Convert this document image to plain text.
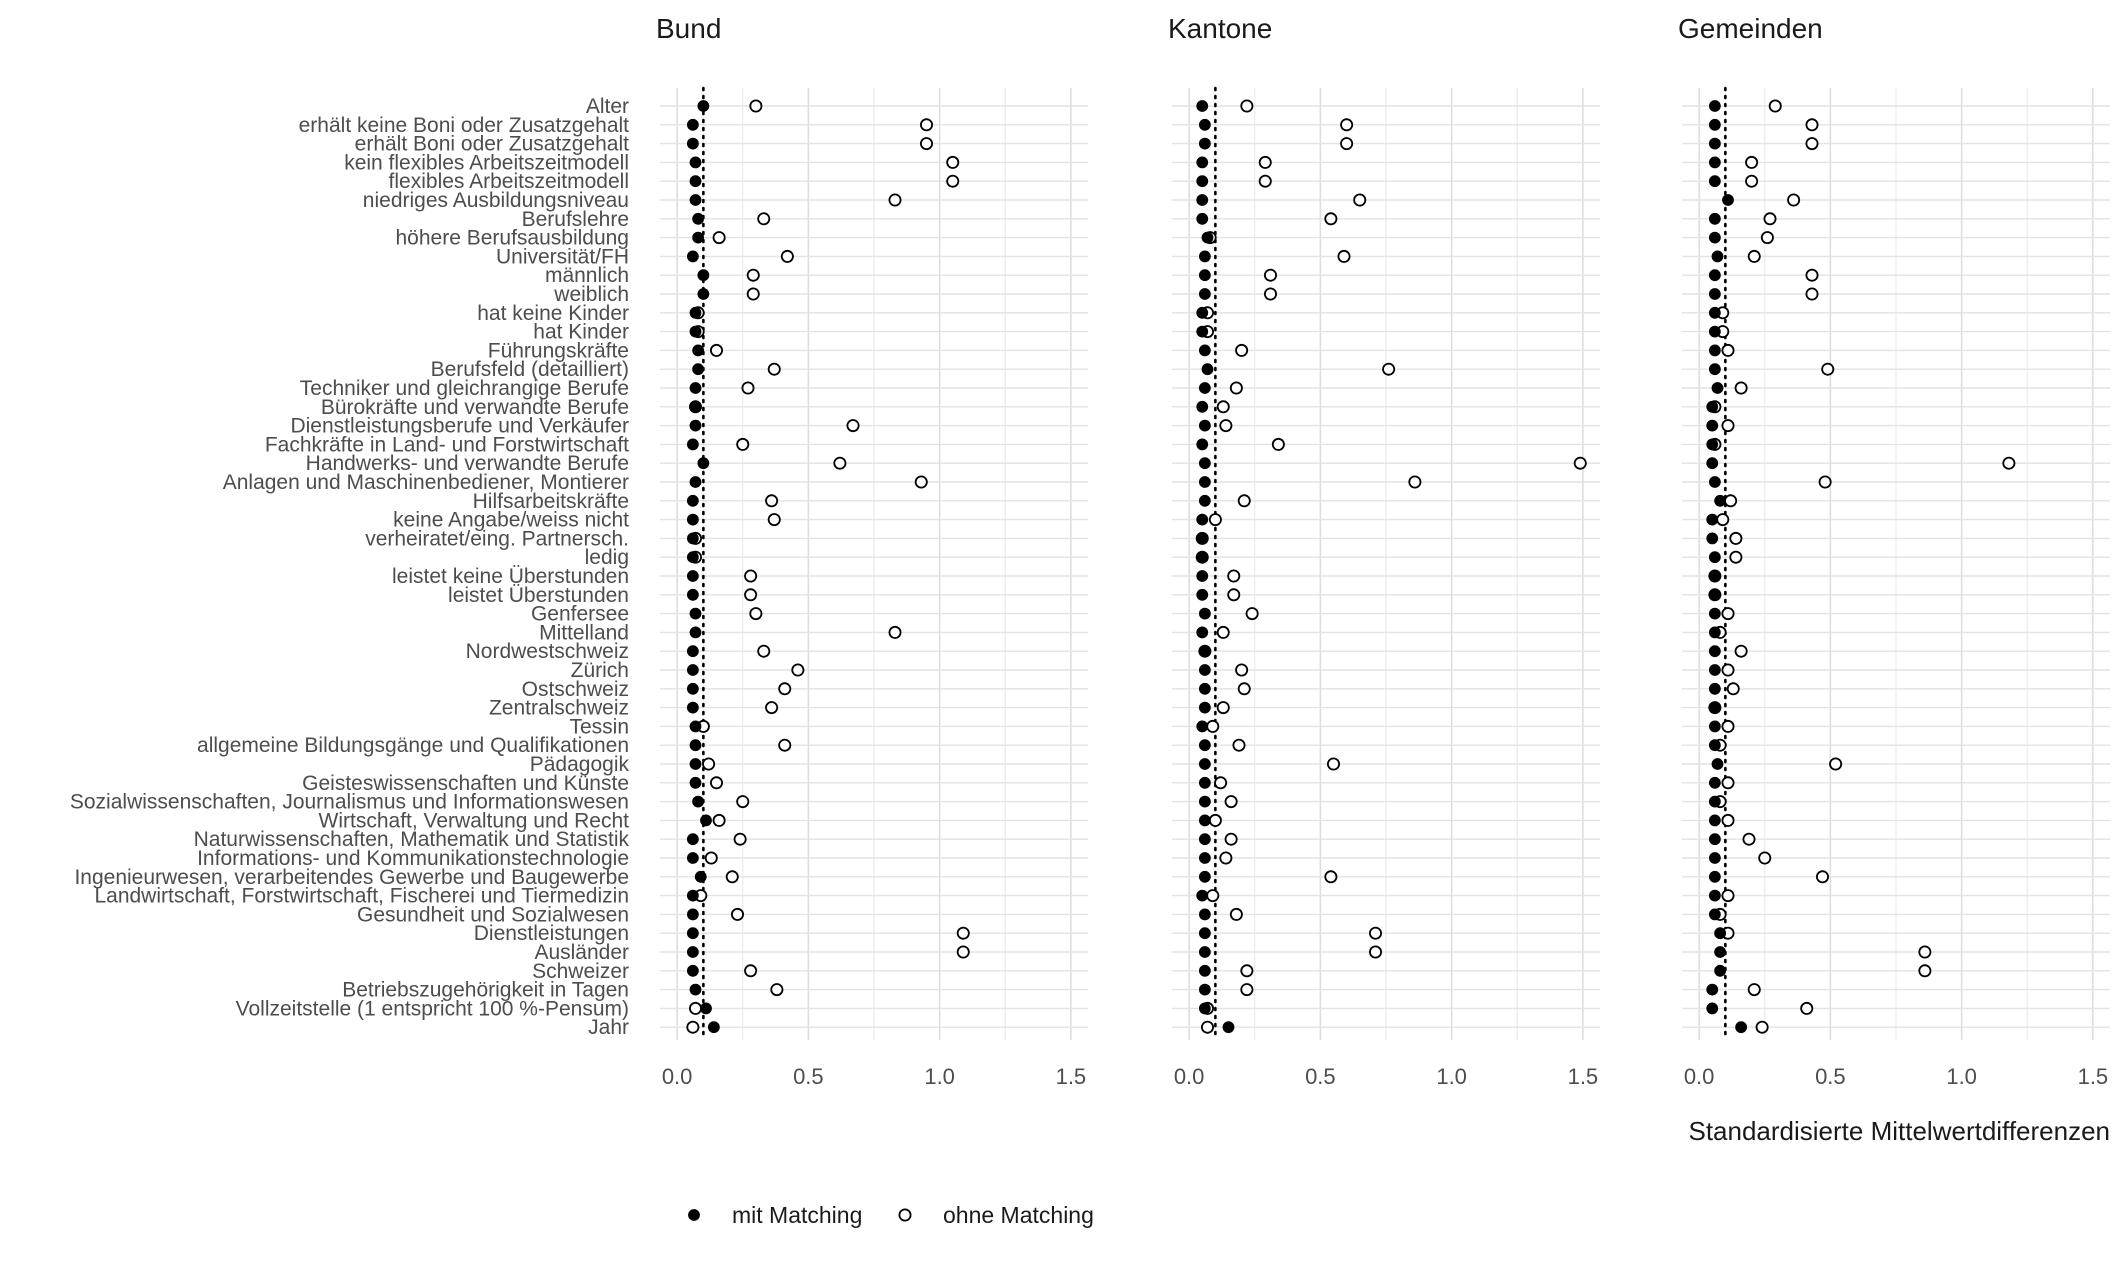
Alter
erhält keine Boni oder Zusatzgehalt
erhält Boni oder Zusatzgehalt
kein flexibles Arbeitszeitmodell
flexibles Arbeitszeitmodell
niedriges Ausbildungsniveau
Berufslehre
höhere Berufsausbildung
Universität/FH
männlich
weiblich
hat keine Kinder
hat Kinder
Führungskräfte
Berufsfeld (detailliert)
Techniker und gleichrangige Berufe
Bürokräfte und verwandte Berufe
Dienstleistungsberufe und Verkäufer
Fachkräfte in Land- und Forstwirtschaft
Handwerks- und verwandte Berufe
Anlagen und Maschinenbediener, Montierer
Hilfsarbeitskräfte
keine Angabe/weiss nicht
verheiratet/eing. Partnersch.
ledig
leistet keine Überstunden
leistet Überstunden
Genfersee
Mittelland
Nordwestschweiz
Zürich
Ostschweiz
Zentralschweiz
Tessin
allgemeine Bildungsgänge und Qualifikationen
Pädagogik
Geisteswissenschaften und Künste
Sozialwissenschaften, Journalismus und Informationswesen
Wirtschaft, Verwaltung und Recht
Naturwissenschaften, Mathematik und Statistik
Informations- und Kommunikationstechnologie
Ingenieurwesen, verarbeitendes Gewerbe und Baugewerbe
Landwirtschaft, Forstwirtschaft, Fischerei und Tiermedizin
Gesundheit und Sozialwesen
Dienstleistungen
Ausländer
Schweizer
Betriebszugehörigkeit in Tagen
Vollzeitstelle (1 entspricht 100 %-Pensum)
Jahr
Bund
0.0	0.5	1.0	1.5
Kantone
0.0	0.5	1.0	1.5
Gemeinden
0.0	0.5	1.0	1.5
Standardisierte Mittelwertdifferenzen
mit Matching	ohne Matching
